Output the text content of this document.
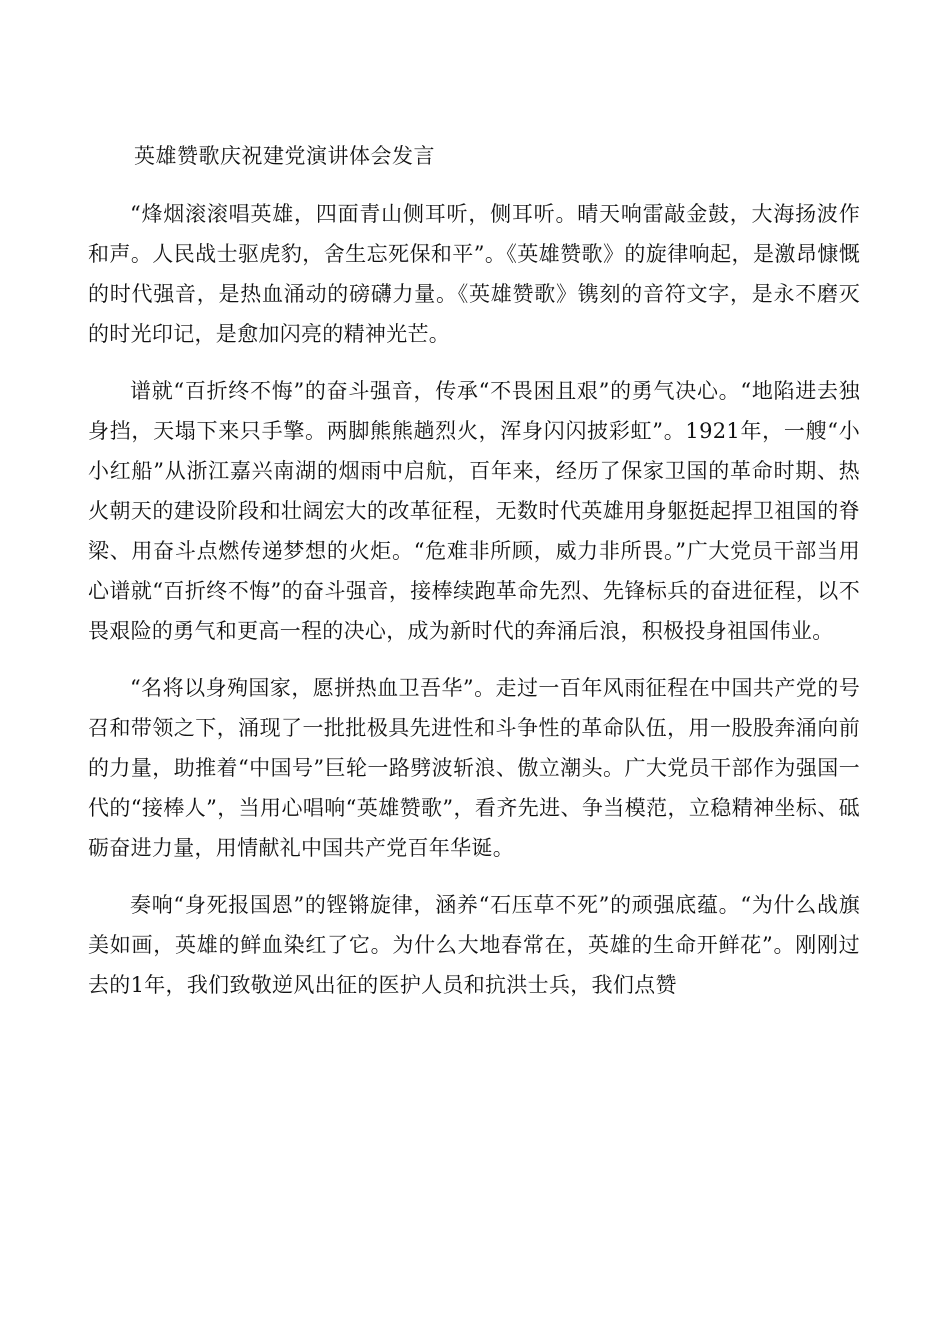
英雄赞歌庆祝建党演讲体会发言

“烽烟滚滚唱英雄，四面青山侧耳听，侧耳听。晴天响雷敲金鼓，大海扬波作和声。人民战士驱虎豹，舍生忘死保和平”。《英雄赞歌》的旋律响起，是激昂慷慨的时代强音，是热血涌动的磅礴力量。《英雄赞歌》镌刻的音符文字，是永不磨灭的时光印记，是愈加闪亮的精神光芒。

谱就“百折终不悔”的奋斗强音，传承“不畏困且艰”的勇气决心。“地陷进去独身挡，天塌下来只手擎。两脚熊熊趟烈火，浑身闪闪披彩虹”。1921年，一艘“小小红船”从浙江嘉兴南湖的烟雨中启航，百年来，经历了保家卫国的革命时期、热火朝天的建设阶段和壮阔宏大的改革征程，无数时代英雄用身躯挺起捍卫祖国的脊梁、用奋斗点燃传递梦想的火炬。“危难非所顾，威力非所畏。”广大党员干部当用心谱就“百折终不悔”的奋斗强音，接棒续跑革命先烈、先锋标兵的奋进征程，以不畏艰险的勇气和更高一程的决心，成为新时代的奔涌后浪，积极投身祖国伟业。

“名将以身殉国家，愿拼热血卫吾华”。走过一百年风雨征程在中国共产党的号召和带领之下，涌现了一批批极具先进性和斗争性的革命队伍，用一股股奔涌向前的力量，助推着“中国号”巨轮一路劈波斩浪、傲立潮头。广大党员干部作为强国一代的“接棒人”，当用心唱响“英雄赞歌”，看齐先进、争当模范，立稳精神坐标、砥砺奋进力量，用情献礼中国共产党百年华诞。

奏响“身死报国恩”的铿锵旋律，涵养“石压草不死”的顽强底蕴。“为什么战旗美如画，英雄的鲜血染红了它。为什么大地春常在，英雄的生命开鲜花”。刚刚过去的1年，我们致敬逆风出征的医护人员和抗洪士兵，我们点赞
